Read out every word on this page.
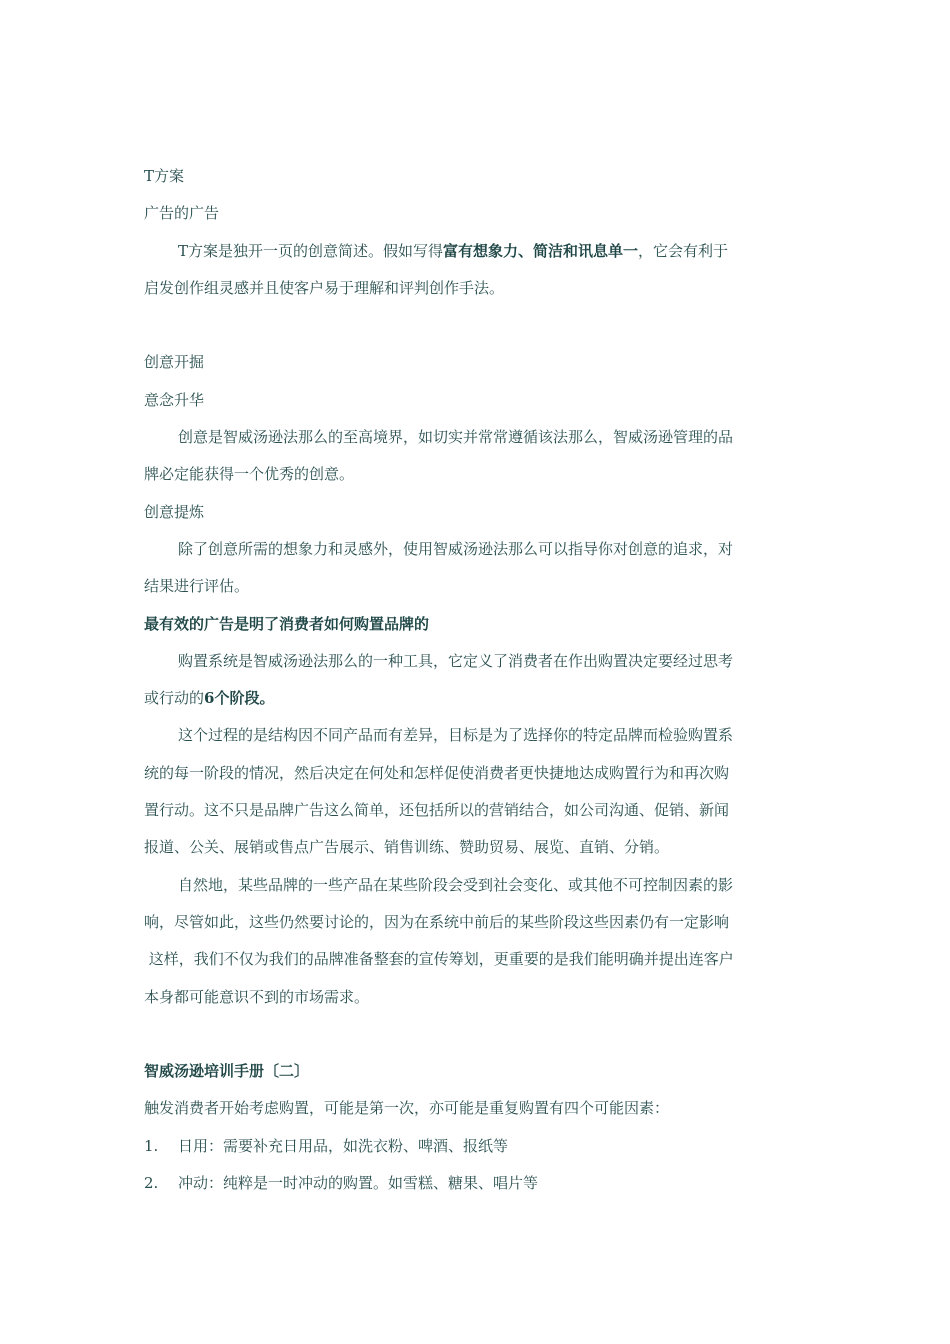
T方案
广告的广告
T方案是独开一页的创意简述。假如写得富有想象力、简洁和讯息单一，它会有利于
启发创作组灵感并且使客户易于理解和评判创作手法。
创意开掘
意念升华
创意是智威汤逊法那么的至高境界，如切实并常常遵循该法那么，智威汤逊管理的品
牌必定能获得一个优秀的创意。
创意提炼
除了创意所需的想象力和灵感外，使用智威汤逊法那么可以指导你对创意的追求，对
结果进行评估。
最有效的广告是明了消费者如何购置品牌的
购置系统是智威汤逊法那么的一种工具，它定义了消费者在作出购置决定要经过思考
或行动的6个阶段。
这个过程的是结构因不同产品而有差异，目标是为了选择你的特定品牌而检验购置系
统的每一阶段的情况，然后决定在何处和怎样促使消费者更快捷地达成购置行为和再次购
置行动。这不只是品牌广告这么简单，还包括所以的营销结合，如公司沟通、促销、新闻
报道、公关、展销或售点广告展示、销售训练、赞助贸易、展览、直销、分销。
自然地，某些品牌的一些产品在某些阶段会受到社会变化、或其他不可控制因素的影
响，尽管如此，这些仍然要讨论的，因为在系统中前后的某些阶段这些因素仍有一定影响
这样，我们不仅为我们的品牌准备整套的宣传筹划，更重要的是我们能明确并提出连客户
本身都可能意识不到的市场需求。
智威汤逊培训手册〔二〕
触发消费者开始考虑购置，可能是第一次，亦可能是重复购置有四个可能因素：
1. 日用：需要补充日用品，如洗衣粉、啤酒、报纸等
2. 冲动：纯粹是一时冲动的购置。如雪糕、糖果、唱片等
